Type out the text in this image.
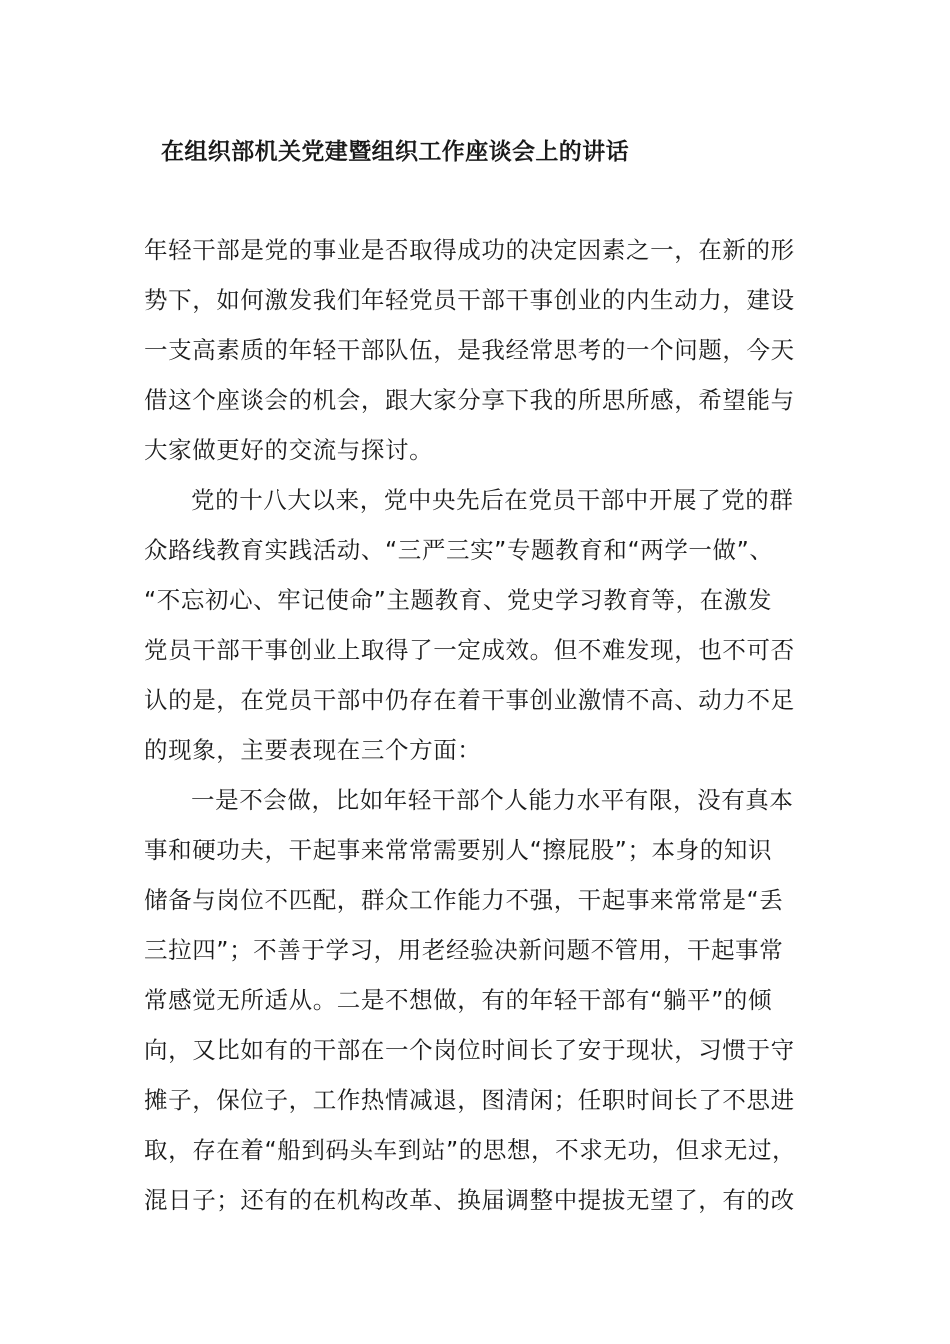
在组织部机关党建暨组织工作座谈会上的讲话
年轻干部是党的事业是否取得成功的决定因素之一，在新的形
势下，如何激发我们年轻党员干部干事创业的内生动力，建设
一支高素质的年轻干部队伍，是我经常思考的一个问题，今天
借这个座谈会的机会，跟大家分享下我的所思所感，希望能与
大家做更好的交流与探讨。
党的十八大以来，党中央先后在党员干部中开展了党的群
众路线教育实践活动、“三严三实”专题教育和“两学一做”、
“不忘初心、牢记使命”主题教育、党史学习教育等，在激发
党员干部干事创业上取得了一定成效。但不难发现，也不可否
认的是，在党员干部中仍存在着干事创业激情不高、动力不足
的现象，主要表现在三个方面：
一是不会做，比如年轻干部个人能力水平有限，没有真本
事和硬功夫，干起事来常常需要别人“擦屁股”；本身的知识
储备与岗位不匹配，群众工作能力不强，干起事来常常是“丢
三拉四”；不善于学习，用老经验决新问题不管用，干起事常
常感觉无所适从。二是不想做，有的年轻干部有“躺平”的倾
向，又比如有的干部在一个岗位时间长了安于现状，习惯于守
摊子，保位子，工作热情减退，图清闲；任职时间长了不思进
取，存在着“船到码头车到站”的思想，不求无功，但求无过，
混日子；还有的在机构改革、换届调整中提拔无望了，有的改
